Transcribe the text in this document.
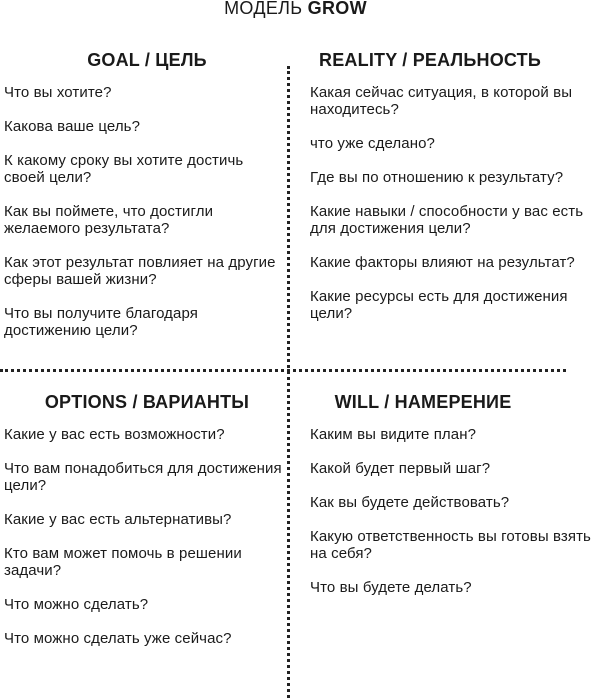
МОДЕЛЬ GROW
GOAL / ЦЕЛЬ
Что вы хотите?
Какова ваше цель?
К какому сроку вы хотите достичь своей цели?
Как вы поймете, что достигли желаемого результата?
Как этот результат повлияет на другие сферы вашей жизни?
Что вы получите благодаря достижению цели?
REALITY / РЕАЛЬНОСТЬ
Какая сейчас ситуация, в которой вы находитесь?
что уже сделано?
Где вы по отношению к результату?
Какие навыки / способности у вас есть для достижения цели?
Какие факторы влияют на результат?
Какие ресурсы есть для достижения цели?
OPTIONS / ВАРИАНТЫ
Какие у вас есть возможности?
Что вам понадобиться для достижения цели?
Какие у вас есть альтернативы?
Кто вам может помочь в решении задачи?
Что можно сделать?
Что можно сделать уже сейчас?
WILL / НАМЕРЕНИЕ
Каким вы видите план?
Какой будет первый шаг?
Как вы будете действовать?
Какую ответственность вы готовы взять на себя?
Что вы будете делать?
